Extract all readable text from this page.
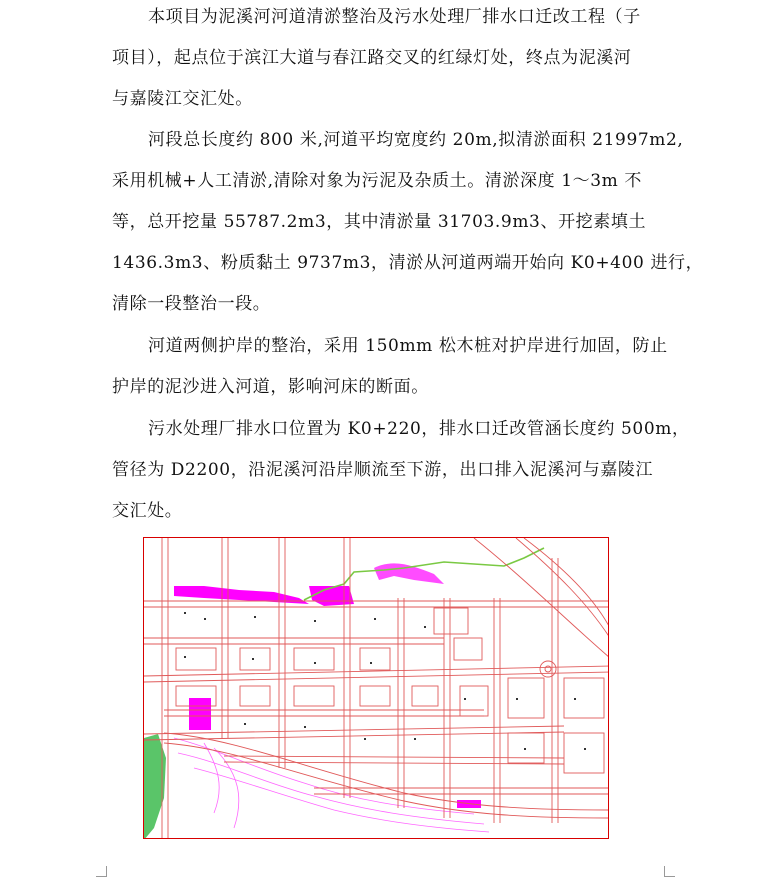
本项目为泥溪河河道清淤整治及污水处理厂排水口迁改工程（子
项目），起点位于滨江大道与春江路交叉的红绿灯处，终点为泥溪河
与嘉陵江交汇处。
河段总长度约 800 米,河道平均宽度约 20m,拟清淤面积 21997m2,
采用机械+人工清淤,清除对象为污泥及杂质土。清淤深度 1～3m 不
等，总开挖量 55787.2m3，其中清淤量 31703.9m3、开挖素填土
1436.3m3、粉质黏土 9737m3，清淤从河道两端开始向 K0+400 进行，
清除一段整治一段。
河道两侧护岸的整治，采用 150mm 松木桩对护岸进行加固，防止
护岸的泥沙进入河道，影响河床的断面。
污水处理厂排水口位置为 K0+220，排水口迁改管涵长度约 500m，
管径为 D2200，沿泥溪河沿岸顺流至下游，出口排入泥溪河与嘉陵江
交汇处。
